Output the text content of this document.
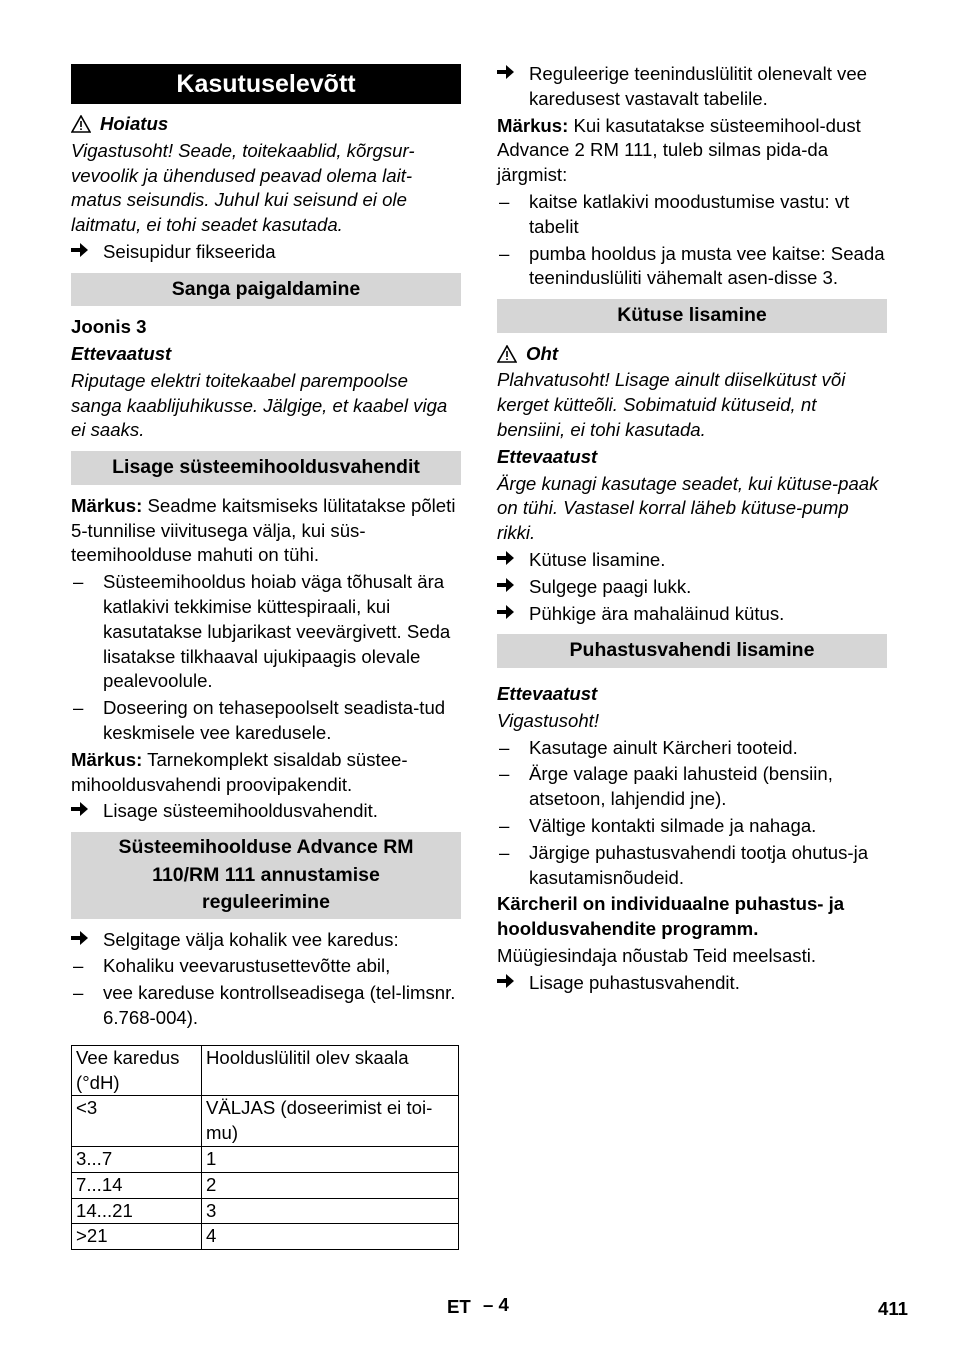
Kasutuselevõtt
Hoiatus

Vigastusoht! Seade, toitekaablid, kõrgsur-vevoolik ja ühendused peavad olema lait-matus seisundis. Juhul kui seisund ei ole laitmatu, ei tohi seadet kasutada.

Seisupidur fikseerida
Sanga paigaldamine

Joonis 3

Ettevaatust

Riputage elektri toitekaabel parempoolse sanga kaablijuhikusse. Jälgige, et kaabel viga ei saaks.

Lisage süsteemihooldusvahendit

Märkus: Seadme kaitsmiseks lülitatakse põleti 5-tunnilise viivitusega välja, kui süs-teemihoolduse mahuti on tühi.

–	Süsteemihooldus hoiab väga tõhusalt ära katlakivi tekkimise küttespiraali, kui kasutatakse lubjarikast veevärgivett. Seda lisatakse tilkhaaval ujukipaagis olevale pealevoolule.
–	Doseering on tehasepoolselt seadista-tud keskmisele vee karedusele.

Märkus: Tarnekomplekt sisaldab süstee-mihooldusvahendi proovipakendit.

Lisage süsteemihooldusvahendit.
Süsteemihoolduse Advance RM 110/RM 111 annustamise reguleerimine
Selgitage välja kohalik vee karedus:
–	Kohaliku veevarustusettevõtte abil,
–	vee kareduse kontrollseadisega (tel-limsnr. 6.768-004).
Vee karedus (°dH)	Hoolduslülitil olev skaala
<3	VÄLJAS (doseerimist ei toi-mu)
3...7	1
7...14	2
14...21	3
>21	4
Reguleerige teeninduslülitit olenevalt vee karedusest vastavalt tabelile.

Märkus: Kui kasutatakse süsteemihool-dust Advance 2 RM 111, tuleb silmas pida-da järgmist:

–	kaitse katlakivi moodustumise vastu: vt tabelit
–	pumba hooldus ja musta vee kaitse: Seada teeninduslüliti vähemalt asen-disse 3.
Kütuse lisamine
Oht

Plahvatusoht! Lisage ainult diiselkütust või kerget kütteõli. Sobimatuid kütuseid, nt bensiini, ei tohi kasutada.

Ettevaatust

Ärge kunagi kasutage seadet, kui kütuse-paak on tühi. Vastasel korral läheb kütuse-pump rikki.

Kütuse lisamine.
Sulgege paagi lukk.
Pühkige ära mahaläinud kütus.
Puhastusvahendi lisamine

Ettevaatust

Vigastusoht!

–	Kasutage ainult Kärcheri tooteid.
–	Ärge valage paaki lahusteid (bensiin, atsetoon, lahjendid jne).
–	Vältige kontakti silmade ja nahaga.
–	Järgige puhastusvahendi tootja ohutus-ja kasutamisnõudeid.

Kärcheril on individuaalne puhastus- ja hooldusvahendite programm.

Müügiesindaja nõustab Teid meelsasti.

Lisage puhastusvahendit.
ET – 4	411
